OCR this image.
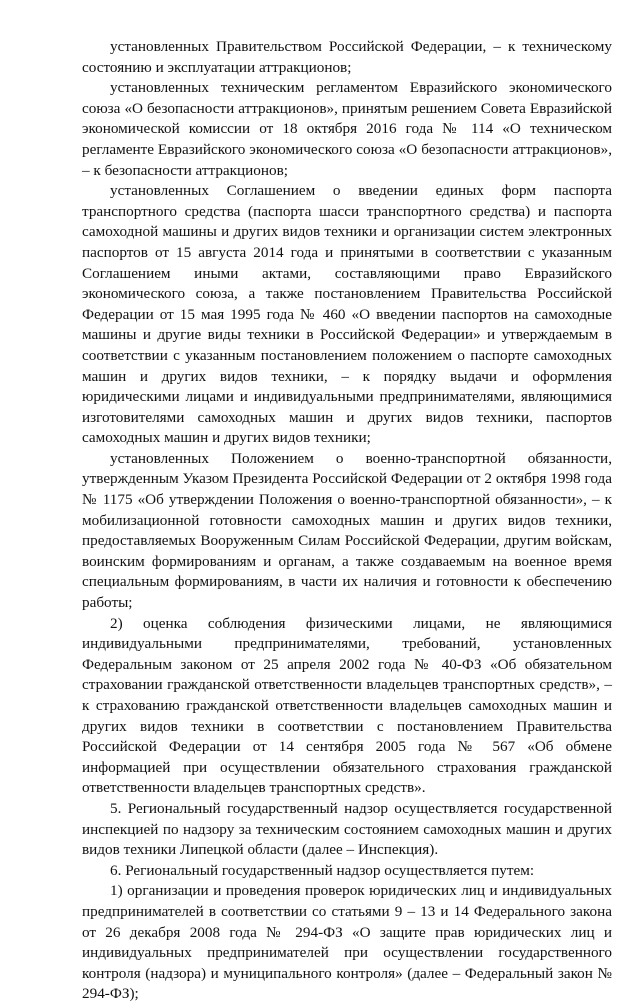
установленных Правительством Российской Федерации, – к техническому состоянию и эксплуатации аттракционов;

установленных техническим регламентом Евразийского экономического союза «О безопасности аттракционов», принятым решением Совета Евразийской экономической комиссии от 18 октября 2016 года № 114 «О техническом регламенте Евразийского экономического союза «О безопасности аттракционов», – к безопасности аттракционов;

установленных Соглашением о введении единых форм паспорта транспортного средства (паспорта шасси транспортного средства) и паспорта самоходной машины и других видов техники и организации систем электронных паспортов от 15 августа 2014 года и принятыми в соответствии с указанным Соглашением иными актами, составляющими право Евразийского экономического союза, а также постановлением Правительства Российской Федерации от 15 мая 1995 года № 460 «О введении паспортов на самоходные машины и другие виды техники в Российской Федерации» и утверждаемым в соответствии с указанным постановлением положением о паспорте самоходных машин и других видов техники, – к порядку выдачи и оформления юридическими лицами и индивидуальными предпринимателями, являющимися изготовителями самоходных машин и других видов техники, паспортов самоходных машин и других видов техники;

установленных Положением о военно-транспортной обязанности, утвержденным Указом Президента Российской Федерации от 2 октября 1998 года № 1175 «Об утверждении Положения о военно-транспортной обязанности», – к мобилизационной готовности самоходных машин и других видов техники, предоставляемых Вооруженным Силам Российской Федерации, другим войскам, воинским формированиям и органам, а также создаваемым на военное время специальным формированиям, в части их наличия и готовности к обеспечению работы;

2) оценка соблюдения физическими лицами, не являющимися индивидуальными предпринимателями, требований, установленных Федеральным законом от 25 апреля 2002 года № 40-ФЗ «Об обязательном страховании гражданской ответственности владельцев транспортных средств», – к страхованию гражданской ответственности владельцев самоходных машин и других видов техники в соответствии с постановлением Правительства Российской Федерации от 14 сентября 2005 года № 567 «Об обмене информацией при осуществлении обязательного страхования гражданской ответственности владельцев транспортных средств».

5. Региональный государственный надзор осуществляется государственной инспекцией по надзору за техническим состоянием самоходных машин и других видов техники Липецкой области (далее – Инспекция).

6. Региональный государственный надзор осуществляется путем:

1) организации и проведения проверок юридических лиц и индивидуальных предпринимателей в соответствии со статьями 9 – 13 и 14 Федерального закона от 26 декабря 2008 года № 294-ФЗ «О защите прав юридических лиц и индивидуальных предпринимателей при осуществлении государственного контроля (надзора) и муниципального контроля» (далее – Федеральный закон № 294-ФЗ);
